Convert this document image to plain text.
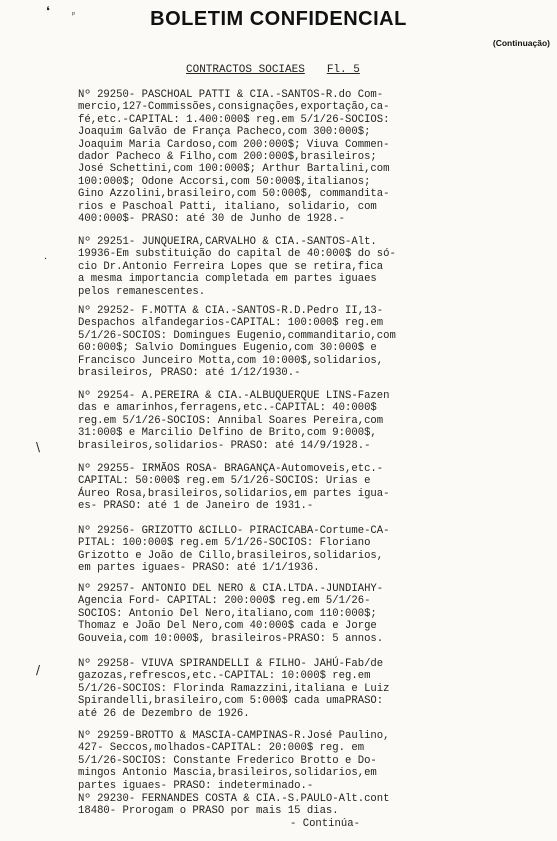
❛	ᵖ	BOLETIM CONFIDENCIAL
(Continuação)
CONTRACTOS SOCIAES Fl. 5
Nº 29250- PASCHOAL PATTI & CIA.-SANTOS-R.do Com-
mercio,127-Commissões,consignações,exportação,ca-
fé,etc.-CAPITAL: 1.400:000$ reg.em 5/1/26-SOCIOS:
Joaquim Galvão de França Pacheco,com 300:000$;
Joaquim Maria Cardoso,com 200:000$; Viuva Commen-
dador Pacheco & Filho,com 200:000$,brasileiros;
José Schettini,com 100:000$; Arthur Bartalini,com
100:000$; Odone Accorsi,com 50:000$,italianos;
Gino Azzolini,brasileiro,com 50:000$, commandita-
rios e Paschoal Patti, italiano, solidario, com
400:000$- PRASO: até 30 de Junho de 1928.-
Nº 29251- JUNQUEIRA,CARVALHO & CIA.-SANTOS-Alt.
19936-Em substituição do capital de 40:000$ do só-
cio Dr.Antonio Ferreira Lopes que se retira,fica
a mesma importancia completada em partes iguaes
pelos remanescentes.
Nº 29252- F.MOTTA & CIA.-SANTOS-R.D.Pedro II,13-
Despachos alfandegarios-CAPITAL: 100:000$ reg.em
5/1/26-SOCIOS: Domingues Eugenio,commanditario,com
60:000$; Salvio Domingues Eugenio,com 30:000$ e
Francisco Junceiro Motta,com 10:000$,solidarios,
brasileiros, PRASO: até 1/12/1930.-
Nº 29254- A.PEREIRA & CIA.-ALBUQUERQUE LINS-Fazen
das e amarinhos,ferragens,etc.-CAPITAL: 40:000$
reg.em 5/1/26-SOCIOS: Annibal Soares Pereira,com
31:000$ e Marcilio Delfino de Brito,com 9:000$,
brasileiros,solidarios- PRASO: até 14/9/1928.-
Nº 29255- IRMÃOS ROSA- BRAGANÇA-Automoveis,etc.-
CAPITAL: 50:000$ reg.em 5/1/26-SOCIOS: Urias e
Áureo Rosa,brasileiros,solidarios,em partes igua-
es- PRASO: até 1 de Janeiro de 1931.-
Nº 29256- GRIZOTTO &CILLO- PIRACICABA-Cortume-CA-
PITAL: 100:000$ reg.em 5/1/26-SOCIOS: Floriano
Grizotto e João de Cillo,brasileiros,solidarios,
em partes iguaes- PRASO: até 1/1/1936.
Nº 29257- ANTONIO DEL NERO & CIA.LTDA.-JUNDIAHY-
Agencia Ford- CAPITAL: 200:000$ reg.em 5/1/26-
SOCIOS: Antonio Del Nero,italiano,com 110:000$;
Thomaz e João Del Nero,com 40:000$ cada e Jorge
Gouveia,com 10:000$, brasileiros-PRASO: 5 annos.
Nº 29258- VIUVA SPIRANDELLI & FILHO- JAHÚ-Fab/de
gazozas,refrescos,etc.-CAPITAL: 10:000$ reg.em
5/1/26-SOCIOS: Florinda Ramazzini,italiana e Luiz
Spirandelli,brasileiro,com 5:000$ cada umaPRASO:
até 26 de Dezembro de 1926.
Nº 29259-BROTTO & MASCIA-CAMPINAS-R.José Paulino,
427- Seccos,molhados-CAPITAL: 20:000$ reg. em
5/1/26-SOCIOS: Constante Frederico Brotto e Do-
mingos Antonio Mascia,brasileiros,solidarios,em
partes iguaes- PRASO: indeterminado.-
Nº 29230- FERNANDES COSTA & CIA.-S.PAULO-Alt.cont
18480- Prorogam o PRASO por mais 15 dias.
- Continúa-
.
\
/
